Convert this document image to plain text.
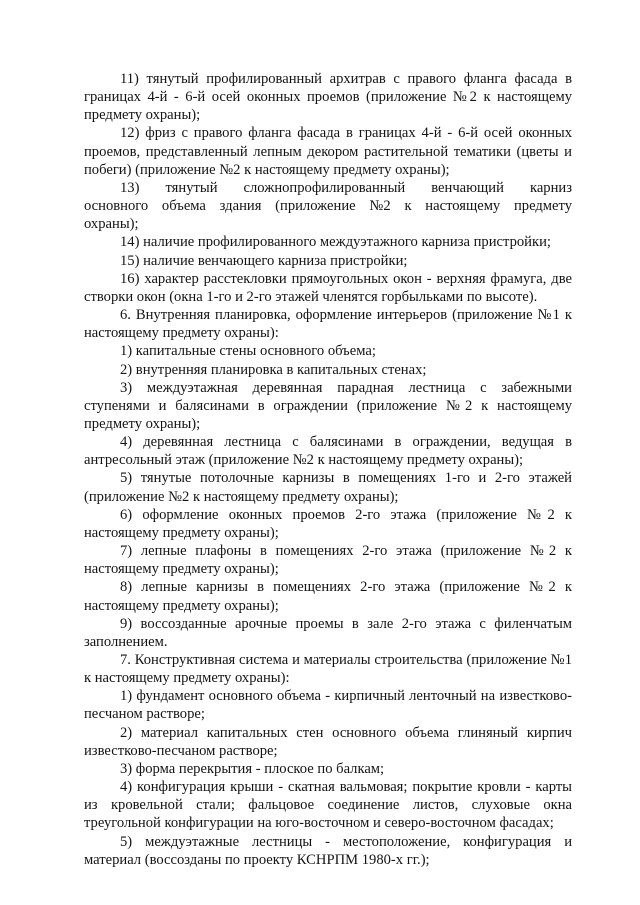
11) тянутый профилированный архитрав с правого фланга фасада в границах 4-й - 6-й осей оконных проемов (приложение №2 к настоящему предмету охраны);

12) фриз с правого фланга фасада в границах 4-й - 6-й осей оконных проемов, представленный лепным декором растительной тематики (цветы и побеги) (приложение №2 к настоящему предмету охраны);

13) тянутый сложнопрофилированный венчающий карниз основного объема здания (приложение №2 к настоящему предмету охраны);

14) наличие профилированного междуэтажного карниза пристройки;

15) наличие венчающего карниза пристройки;

16) характер расстекловки прямоугольных окон - верхняя фрамуга, две створки окон (окна 1-го и 2-го этажей членятся горбыльками по высоте).

6. Внутренняя планировка, оформление интерьеров (приложение №1 к настоящему предмету охраны):

1) капитальные стены основного объема;

2) внутренняя планировка в капитальных стенах;

3) междуэтажная деревянная парадная лестница с забежными ступенями и балясинами в ограждении (приложение №2 к настоящему предмету охраны);

4) деревянная лестница с балясинами в ограждении, ведущая в антресольный этаж (приложение №2 к настоящему предмету охраны);

5) тянутые потолочные карнизы в помещениях 1-го и 2-го этажей (приложение №2 к настоящему предмету охраны);

6) оформление оконных проемов 2-го этажа (приложение №2 к настоящему предмету охраны);

7) лепные плафоны в помещениях 2-го этажа (приложение №2 к настоящему предмету охраны);

8) лепные карнизы в помещениях 2-го этажа (приложение №2 к настоящему предмету охраны);

9) воссозданные арочные проемы в зале 2-го этажа с филенчатым заполнением.

7. Конструктивная система и материалы строительства (приложение №1 к настоящему предмету охраны):

1) фундамент основного объема - кирпичный ленточный на известково-песчаном растворе;

2) материал капитальных стен основного объема глиняный кирпич известково-песчаном растворе;

3) форма перекрытия - плоское по балкам;

4) конфигурация крыши - скатная вальмовая; покрытие кровли - карты из кровельной стали; фальцовое соединение листов, слуховые окна треугольной конфигурации на юго-восточном и северо-восточном фасадах;

5) междуэтажные лестницы - местоположение, конфигурация и материал (воссозданы по проекту КСНРПМ 1980-х гг.);
